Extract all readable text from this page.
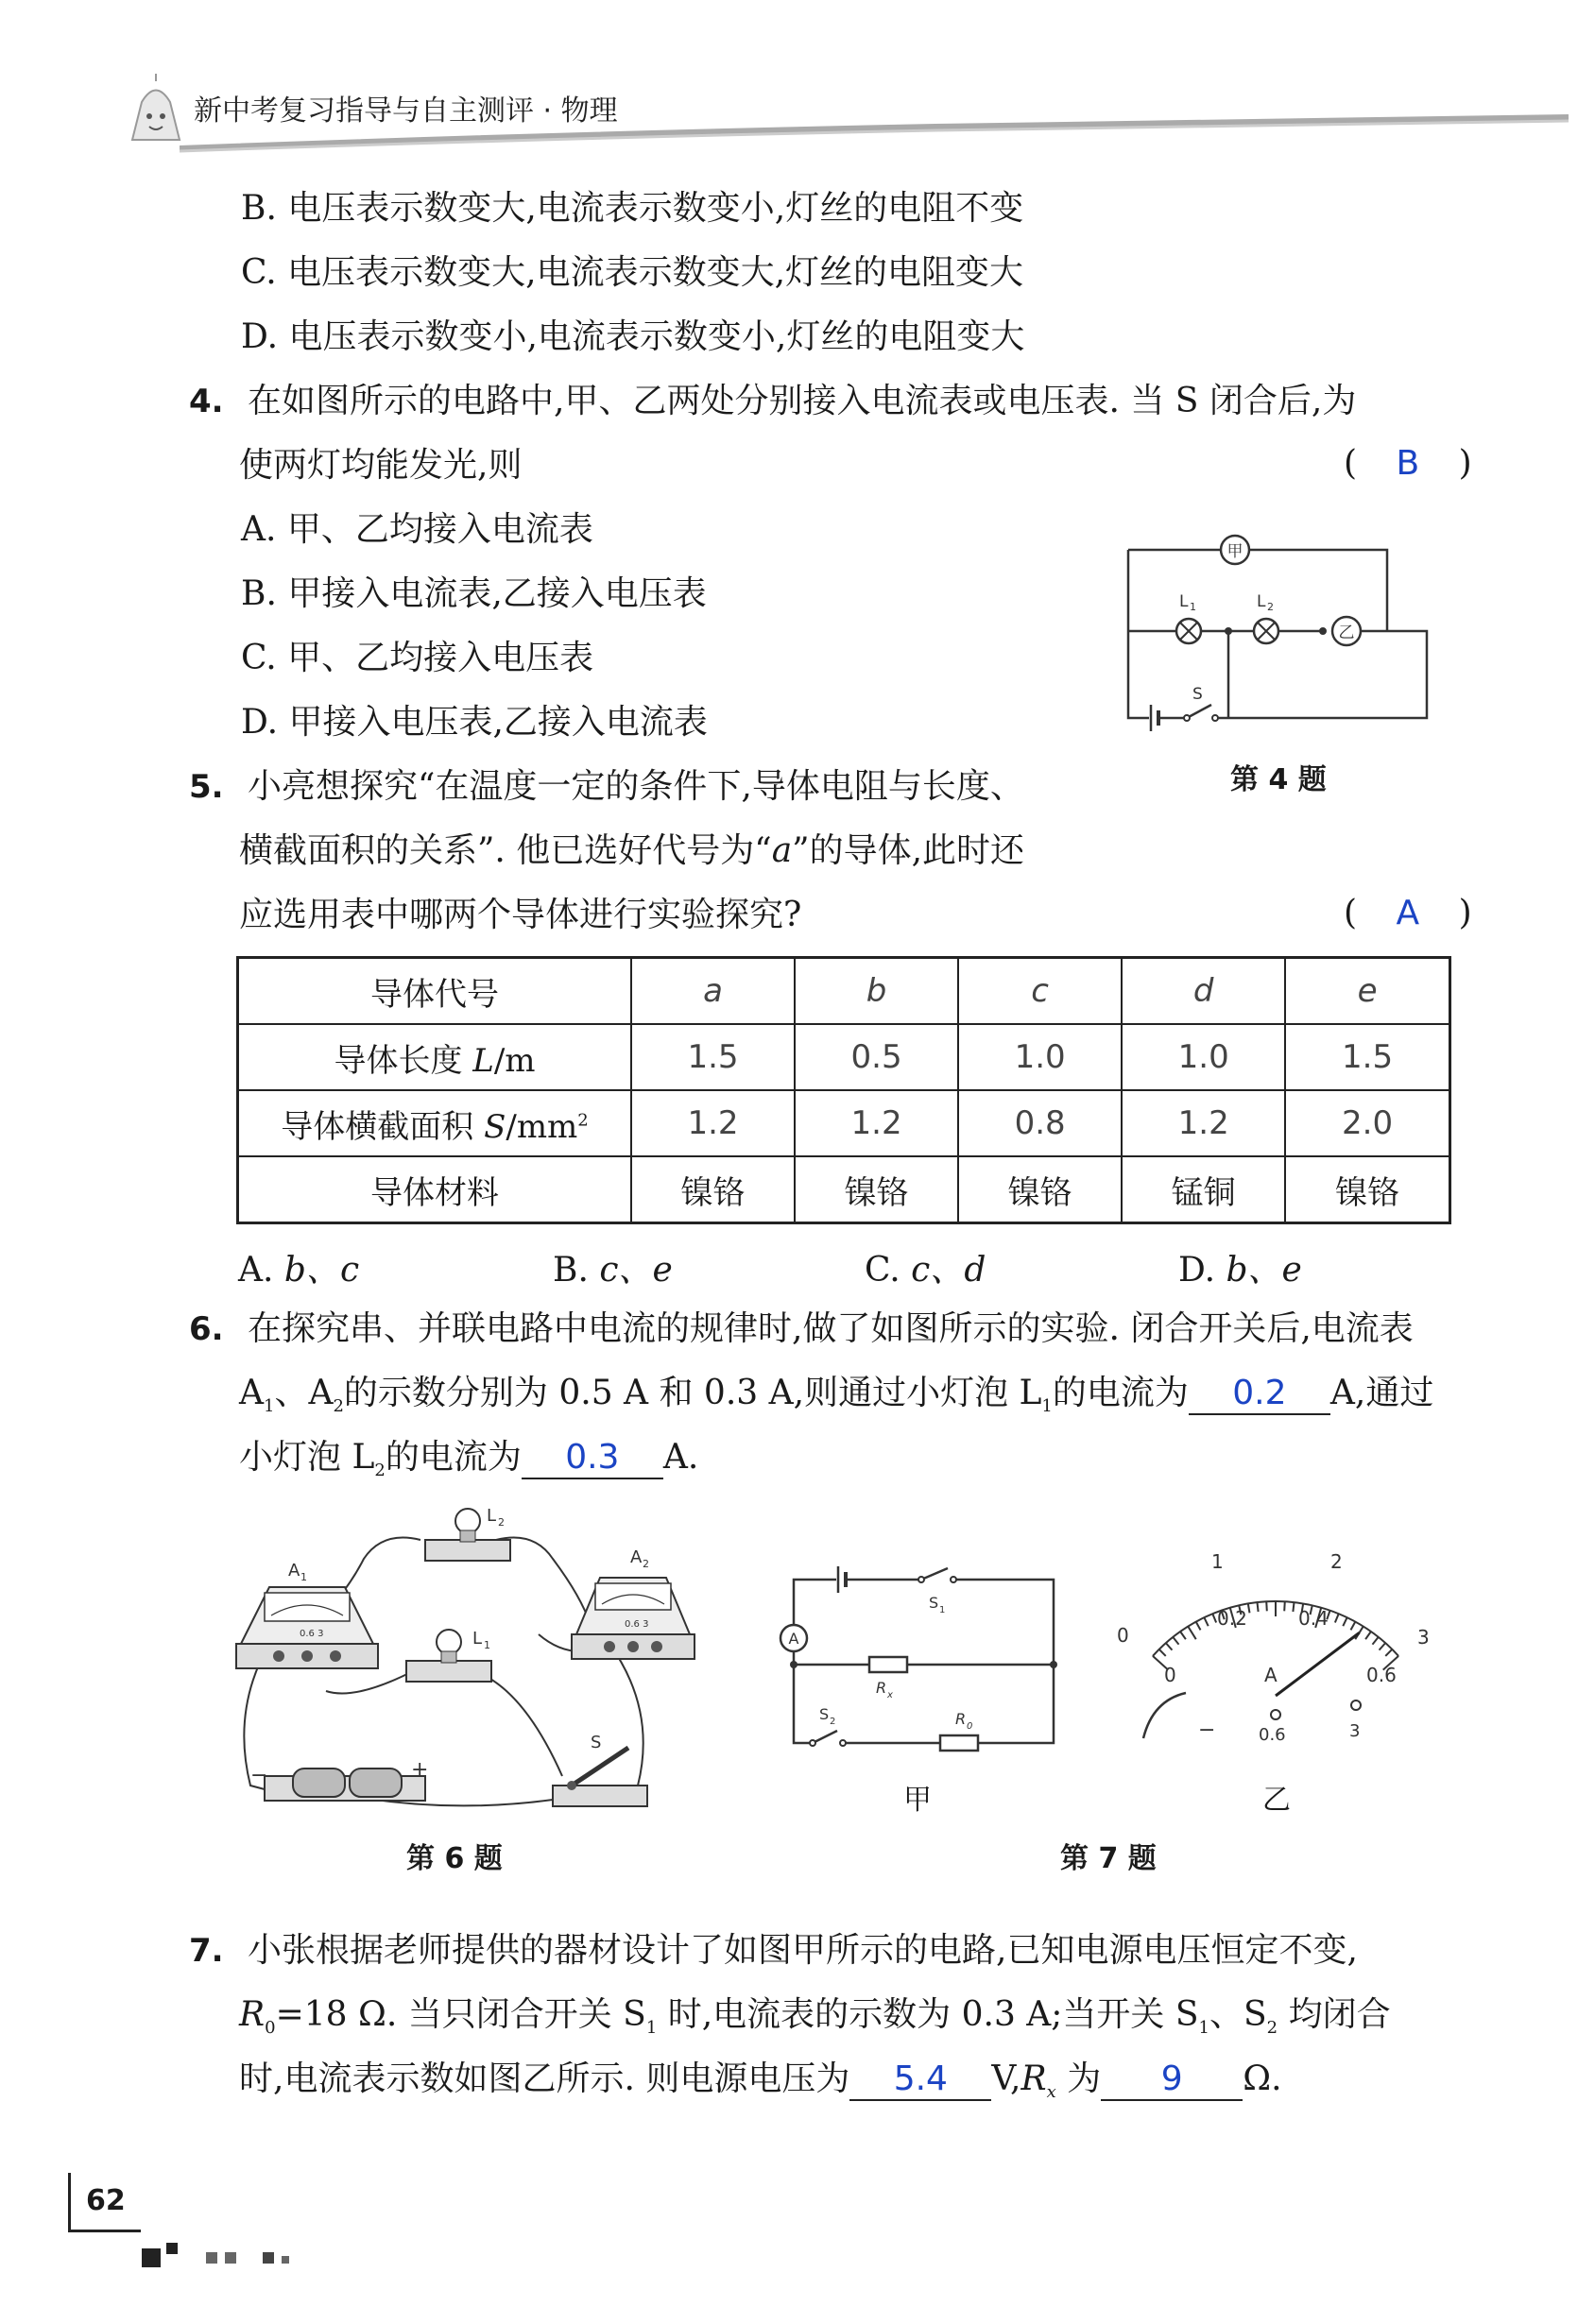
新中考复习指导与自主测评 · 物理
B. 电压表示数变大,电流表示数变小,灯丝的电阻不变
C. 电压表示数变大,电流表示数变大,灯丝的电阻变大
D. 电压表示数变小,电流表示数变小,灯丝的电阻变大
4. 在如图所示的电路中,甲、乙两处分别接入电流表或电压表. 当 S 闭合后,为
使两灯均能发光,则	( B )
A. 甲、乙均接入电流表
B. 甲接入电流表,乙接入电压表
C. 甲、乙均接入电压表
D. 甲接入电压表,乙接入电流表
甲
L 1	L 2
乙
S
第 4 题
5. 小亮想探究“在温度一定的条件下,导体电阻与长度、
横截面积的关系”. 他已选好代号为“a”的导体,此时还
应选用表中哪两个导体进行实验探究?	( A )
导体代号	a	b	c	d	e
导体长度 L/m	1.5	0.5	1.0	1.0	1.5
导体横截面积 $S/mm^2$	1.2	1.2	0.8	1.2	2.0
导体材料	镍铬	镍铬	镍铬	锰铜	镍铬
A. b、c	B. c、e	C. c、d	D. b、e
6. 在探究串、并联电路中电流的规律时,做了如图所示的实验. 闭合开关后,电流表
$A_1$、$A_2$的示数分别为 0.5 A 和 0.3 A,则通过小灯泡 $L_1$的电流为 0.2 A,通过
小灯泡 $L_2$的电流为 0.3 A.
0.6 3
A 1
0.6 3
A 2
L 2
L 1
−	+
S
第 6 题
A
S 1
R x
S 2	R 0
甲
0
1	2
3
0
0.2	0.4
0.6
A
−	0.6	3
乙
第 7 题
7. 小张根据老师提供的器材设计了如图甲所示的电路,已知电源电压恒定不变,
$R_0=18$ Ω. 当只闭合开关 $S_1$ 时,电流表的示数为 0.3 A;当开关 $S_1$、$S_2$ 均闭合
时,电流表示数如图乙所示. 则电源电压为 5.4 $V,R_x$ 为 9 Ω.
62
